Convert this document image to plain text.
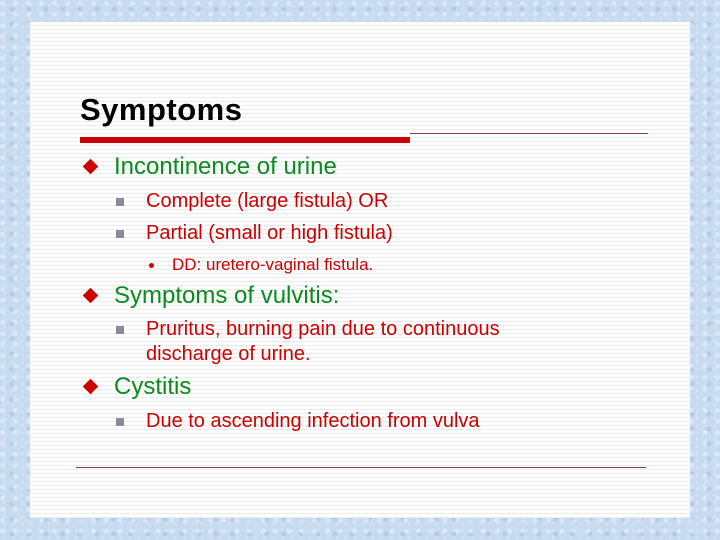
Symptoms
Incontinence of urine
Complete (large fistula) OR
Partial (small or high fistula)
DD: uretero-vaginal fistula.
Symptoms of vulvitis:
Pruritus, burning pain due to continuous
discharge of urine.
Cystitis
Due to ascending infection from vulva
